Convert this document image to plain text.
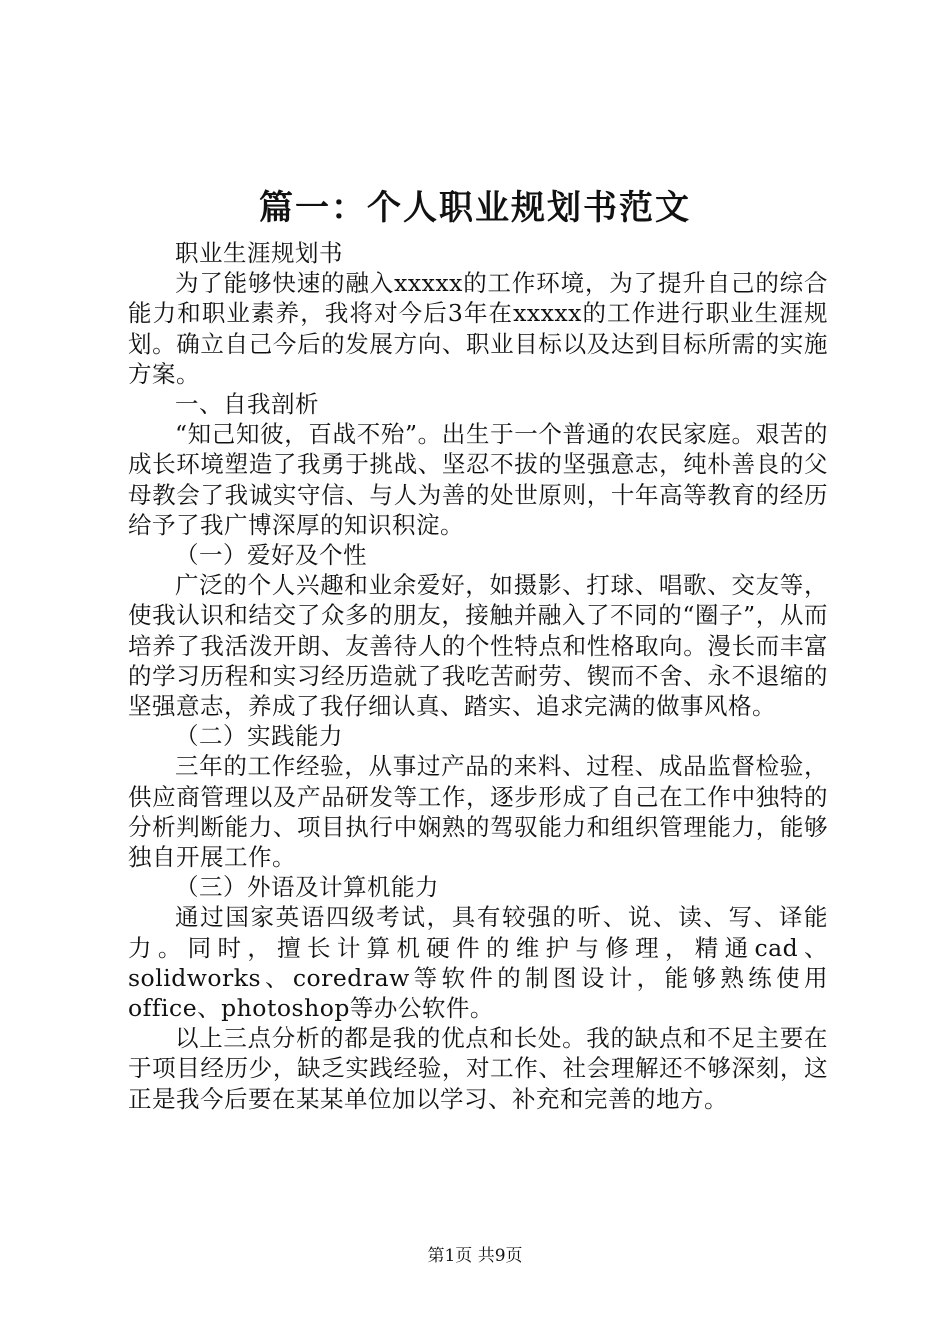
篇一：个人职业规划书范文

职业生涯规划书

为了能够快速的融入xxxxx的工作环境，为了提升自己的综合能力和职业素养，我将对今后3年在xxxxx的工作进行职业生涯规划。确立自己今后的发展方向、职业目标以及达到目标所需的实施方案。

一、自我剖析

“知己知彼，百战不殆”。出生于一个普通的农民家庭。艰苦的成长环境塑造了我勇于挑战、坚忍不拔的坚强意志，纯朴善良的父母教会了我诚实守信、与人为善的处世原则，十年高等教育的经历给予了我广博深厚的知识积淀。

（一）爱好及个性

广泛的个人兴趣和业余爱好，如摄影、打球、唱歌、交友等，使我认识和结交了众多的朋友，接触并融入了不同的“圈子”，从而培养了我活泼开朗、友善待人的个性特点和性格取向。漫长而丰富的学习历程和实习经历造就了我吃苦耐劳、锲而不舍、永不退缩的坚强意志，养成了我仔细认真、踏实、追求完满的做事风格。

（二）实践能力

三年的工作经验，从事过产品的来料、过程、成品监督检验，供应商管理以及产品研发等工作，逐步形成了自己在工作中独特的分析判断能力、项目执行中娴熟的驾驭能力和组织管理能力，能够独自开展工作。

（三）外语及计算机能力

通过国家英语四级考试，具有较强的听、说、读、写、译能力。同时，擅长计算机硬件的维护与修理，精通cad、solidworks、coredraw等软件的制图设计，能够熟练使用office、photoshop等办公软件。

以上三点分析的都是我的优点和长处。我的缺点和不足主要在于项目经历少，缺乏实践经验，对工作、社会理解还不够深刻，这正是我今后要在某某单位加以学习、补充和完善的地方。

第1页 共9页
